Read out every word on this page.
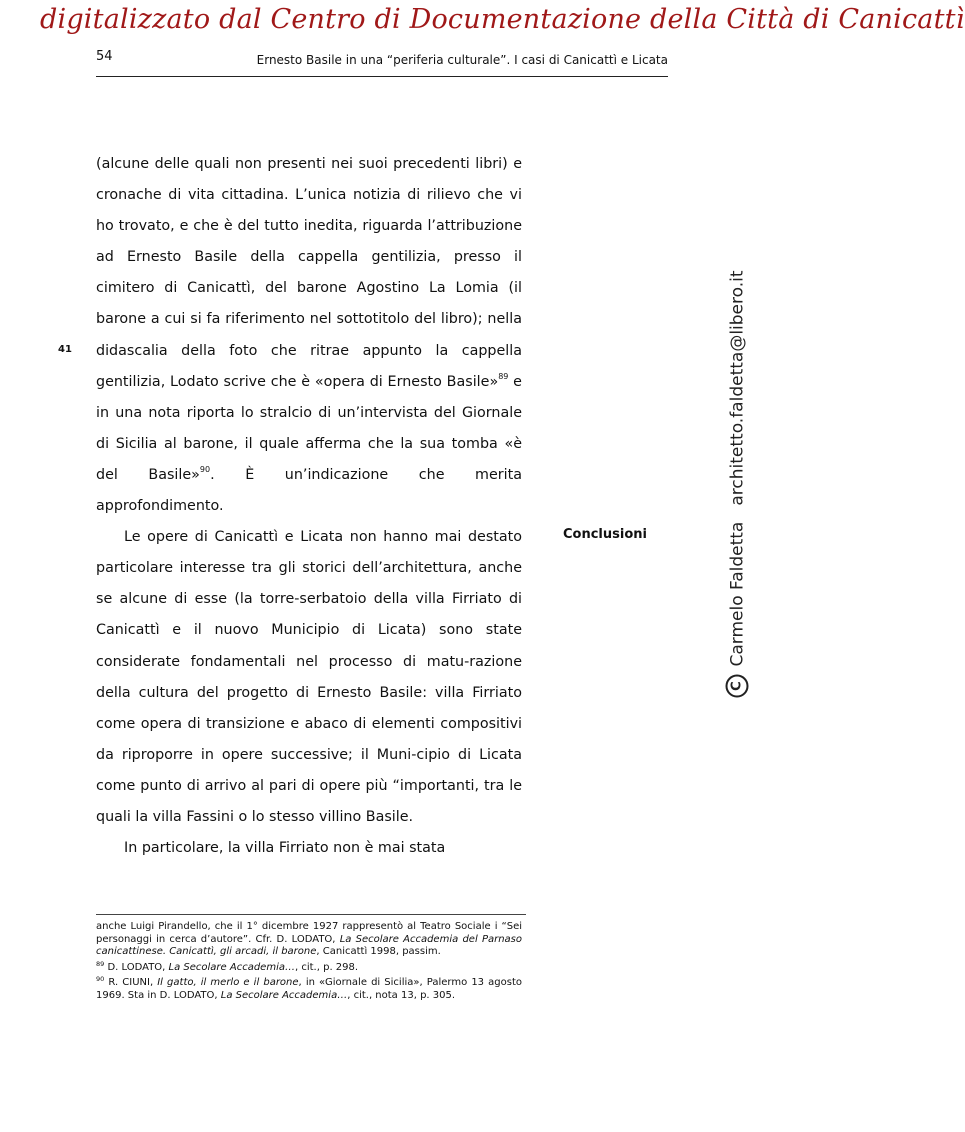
digitalizzato dal Centro di Documentazione della Città di Canicattì
54	Ernesto Basile in una “periferia culturale”. I casi di Canicattì e Licata
41

(alcune delle quali non presenti nei suoi precedenti libri) e cronache di vita cittadina. L’unica notizia di rilievo che vi ho trovato, e che è del tutto inedita, riguarda l’attribuzione ad Ernesto Basile della cappella gentilizia, presso il cimitero di Canicattì, del barone Agostino La Lomia (il barone a cui si fa riferimento nel sottotitolo del libro); nella didascalia della foto che ritrae appunto la cappella gentilizia, Lodato scrive che è «opera di Ernesto Basile»$^{89}$ e in una nota riporta lo stralcio di un’intervista del Giornale di Sicilia al barone, il quale afferma che la sua tomba «è del Basile»$^{90}$. È un’indicazione che merita approfondimento.

Le opere di Canicattì e Licata non hanno mai destato particolare interesse tra gli storici dell’architettura, anche se alcune di esse (la torre-serbatoio della villa Firriato di Canicattì e il nuovo Municipio di Licata) sono state considerate fondamentali nel processo di matu-razione della cultura del progetto di Ernesto Basile: villa Firriato come opera di transizione e abaco di elementi compositivi da riproporre in opere successive; il Muni-cipio di Licata come punto di arrivo al pari di opere più “importanti, tra le quali la villa Fassini o lo stesso villino Basile.

In particolare, la villa Firriato non è mai stata

Conclusioni
C
Carmelo Faldetta
architetto.faldetta@libero.it

anche Luigi Pirandello, che il 1° dicembre 1927 rappresentò al Teatro Sociale i “Sei personaggi in cerca d’autore”. Cfr. D. LODATO, La Secolare Accademia del Parnaso canicattinese. Canicattì, gli arcadi, il barone, Canicattì 1998, passim.

$^{89}$ D. LODATO, La Secolare Accademia…, cit., p. 298.

$^{90}$ R. CIUNI, Il gatto, il merlo e il barone, in «Giornale di Sicilia», Palermo 13 agosto 1969. Sta in D. LODATO, La Secolare Accademia…, cit., nota 13, p. 305.
